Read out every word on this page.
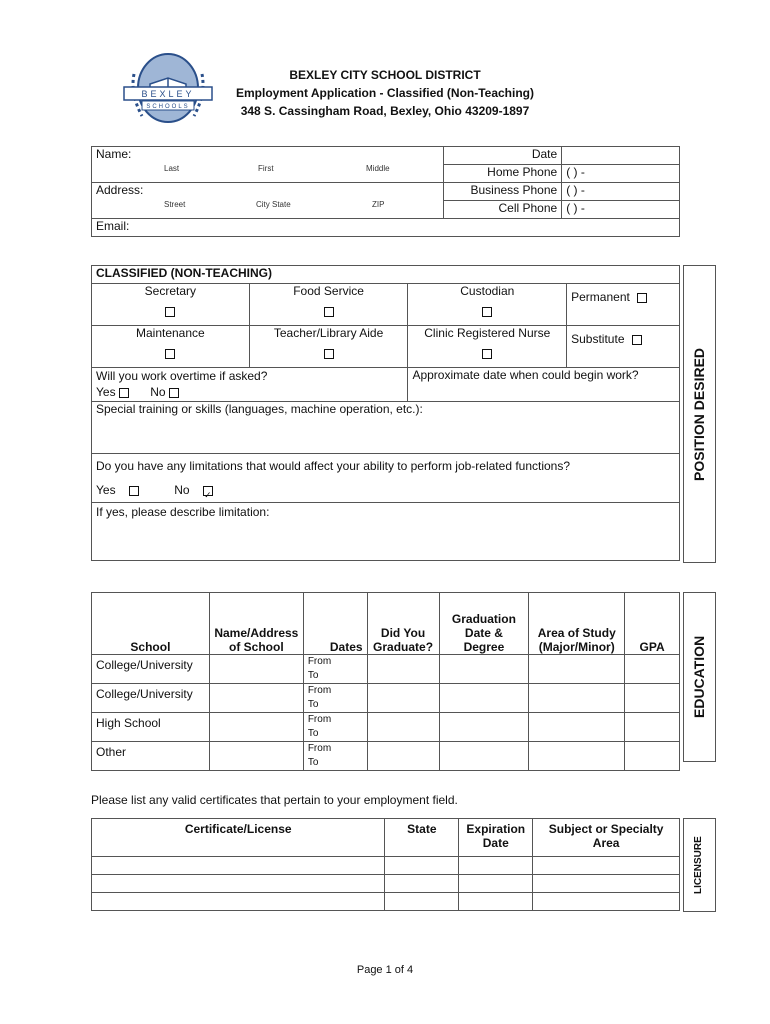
BEXLEY
SCHOOLS
BEXLEY CITY SCHOOL DISTRICT
Employment Application - Classified (Non-Teaching)
348 S. Cassingham Road, Bexley, Ohio 43209-1897
Name:	Date	

Last First Middle	Home Phone	( ) -
Address:	Business Phone	( ) -

Street City State ZIP	Cell Phone	( ) -
Email:		
POSITION DESIRED
CLASSIFIED (NON-TEACHING)			

Secretary	Food Service	Custodian	Permanent

Maintenance	Teacher/Library Aide	Clinic Registered Nurse	Substitute

Will you work overtime if asked?
Yes No		Approximate date when could begin work?	
Special training or skills (languages, machine operation, etc.):			

Do you have any limitations that would affect your ability to perform job-related functions?
Yes No ✓

If yes, please describe limitation:			
EDUCATION
School	Name/Address of School	Dates	Did You Graduate?	Graduation Date & Degree	Area of Study (Major/Minor)	GPA
College/University		From
To				

College/University		From
To				

High School		From
To				

Other		From
To				

Please list any valid certificates that pertain to your employment field.
LICENSURE
Certificate/License	State	Expiration Date	Subject or Specialty Area

Page 1 of 4
